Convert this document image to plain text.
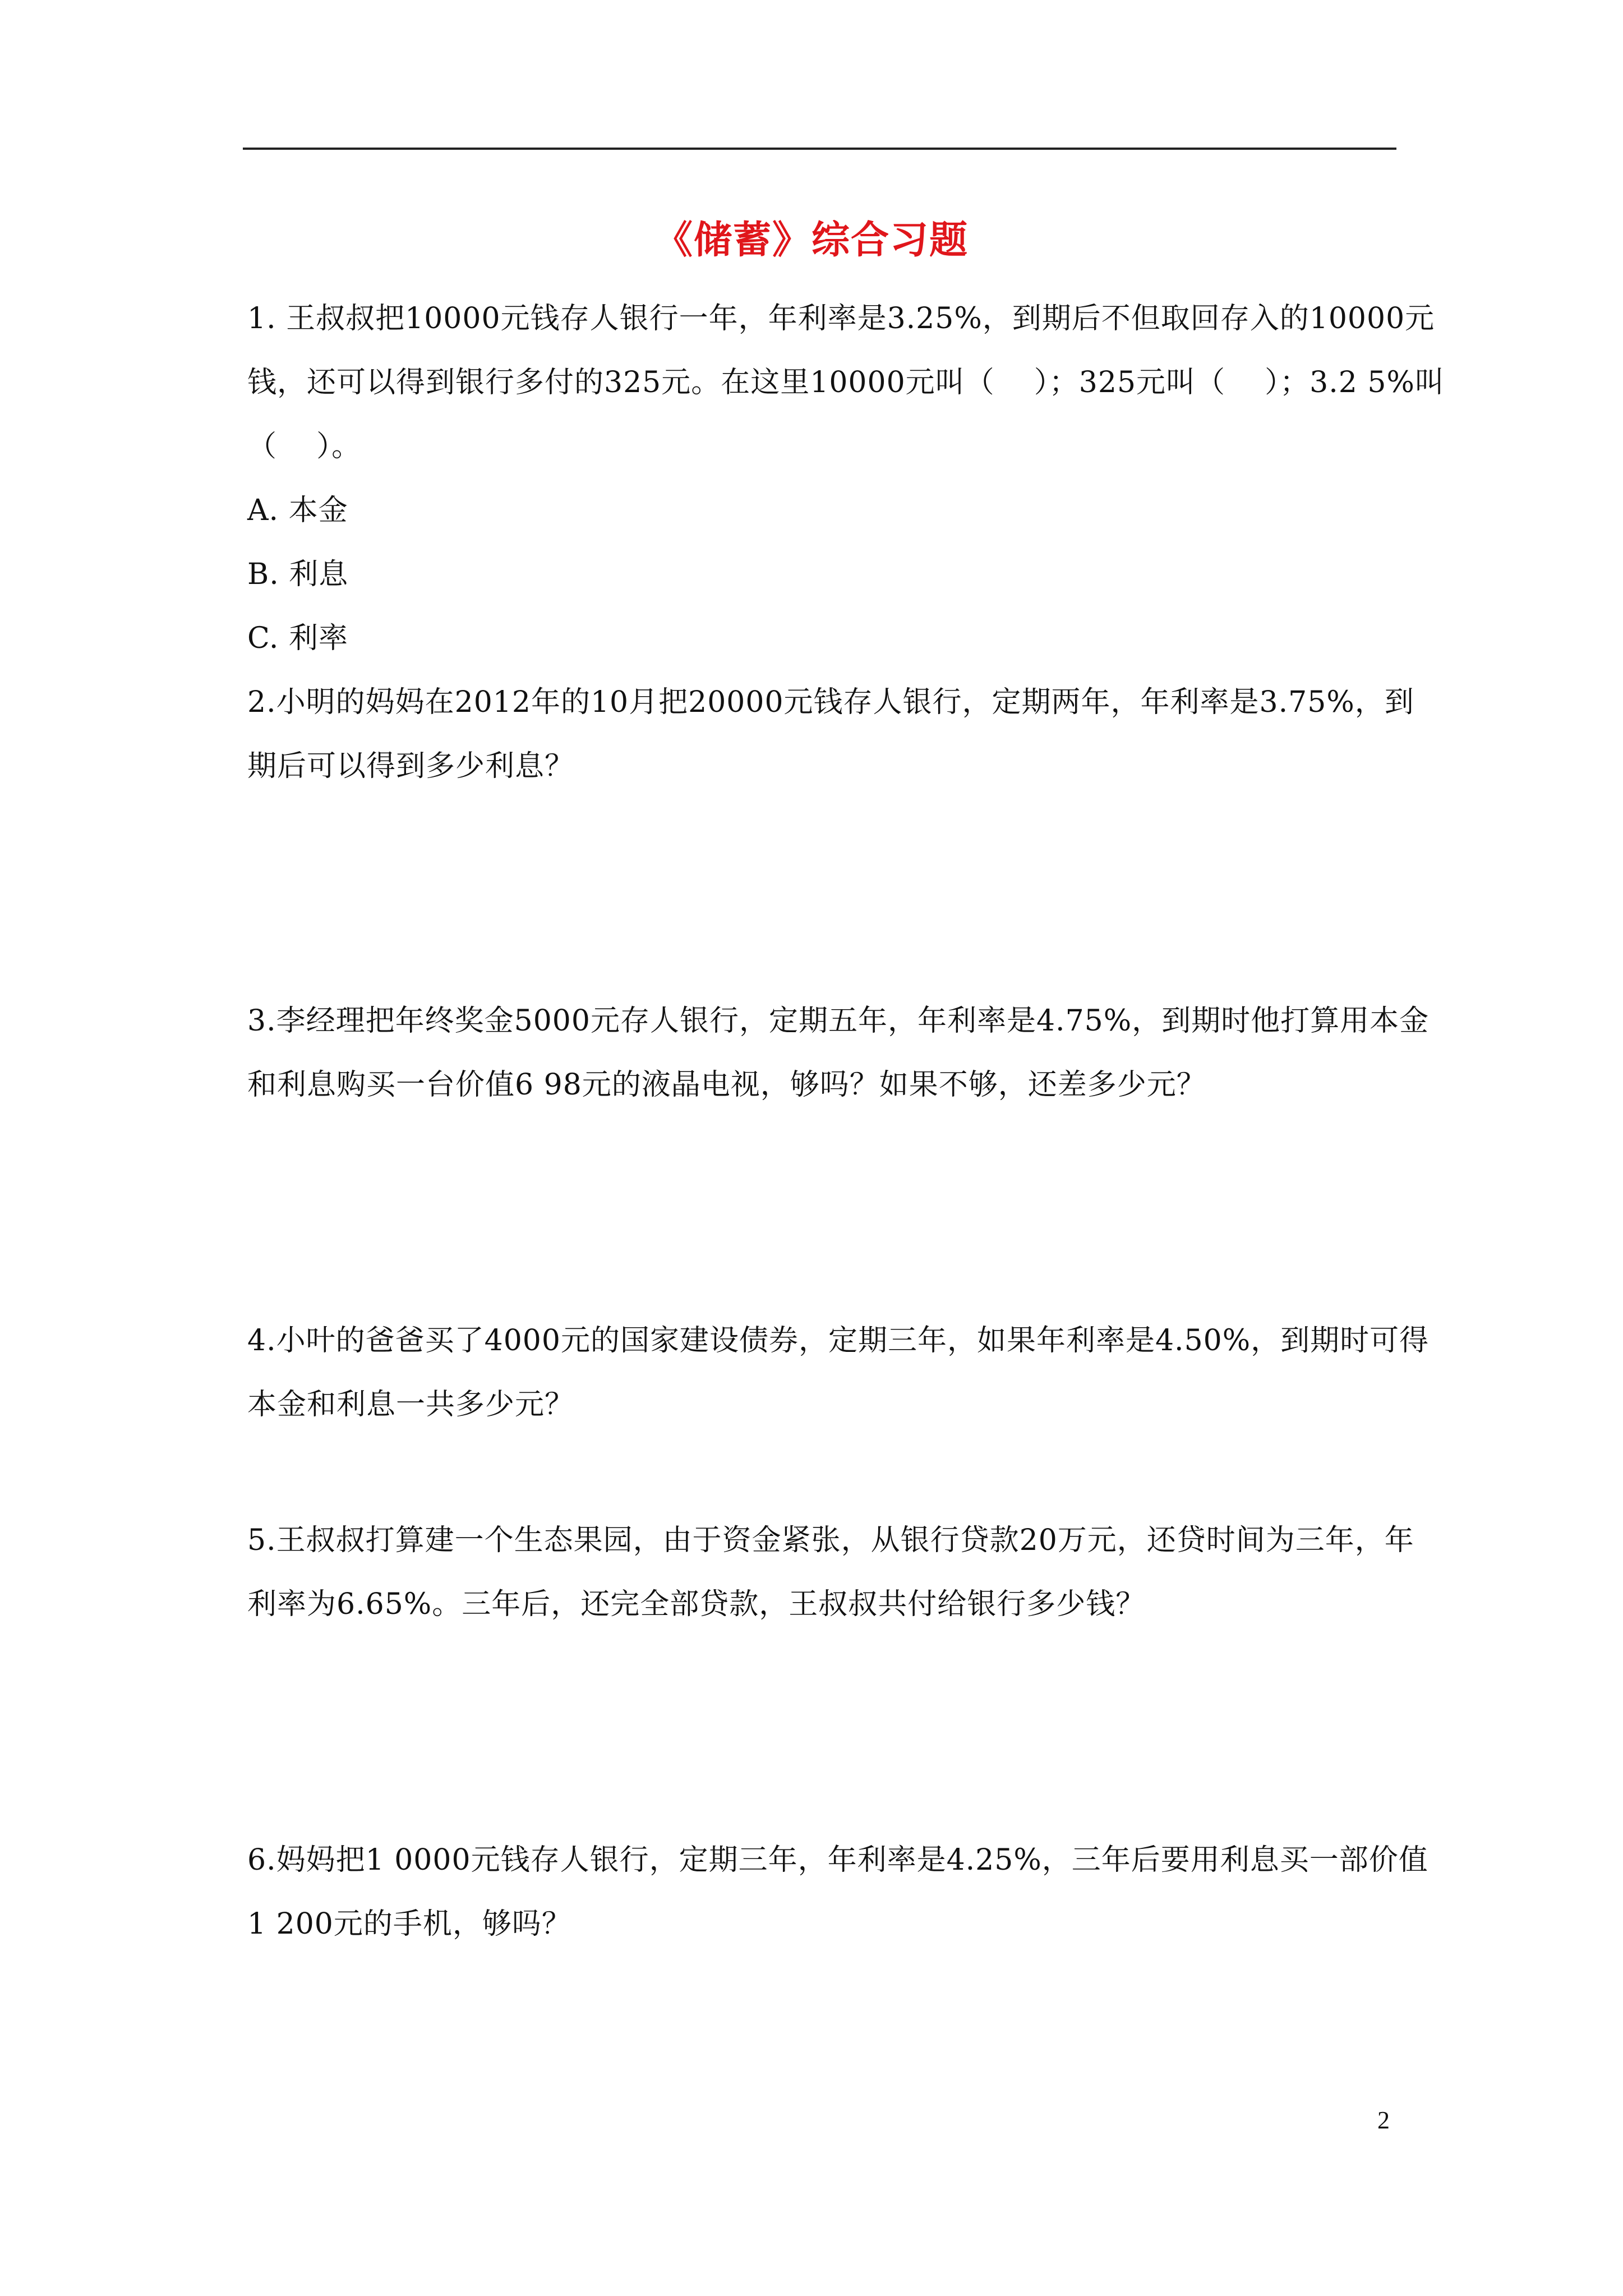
《储蓄》综合习题
1. 王叔叔把10000元钱存人银行一年，年利率是3.25%，到期后不但取回存入的10000元
钱，还可以得到银行多付的325元。在这里10000元叫（    ）；325元叫（    ）；3.2 5%叫
（    ）。
A. 本金
B. 利息
C. 利率
2.小明的妈妈在2012年的10月把20000元钱存人银行，定期两年，年利率是3.75%，到
期后可以得到多少利息？
3.李经理把年终奖金5000元存人银行，定期五年，年利率是4.75%，到期时他打算用本金
和利息购买一台价值6 98元的液晶电视，够吗？如果不够，还差多少元？
4.小叶的爸爸买了4000元的国家建设债券，定期三年，如果年利率是4.50%，到期时可得
本金和利息一共多少元？
5.王叔叔打算建一个生态果园，由于资金紧张，从银行贷款20万元，还贷时间为三年，年
利率为6.65%。三年后，还完全部贷款，王叔叔共付给银行多少钱？
6.妈妈把1 0000元钱存人银行，定期三年，年利率是4.25%，三年后要用利息买一部价值
1 200元的手机，够吗？
2
